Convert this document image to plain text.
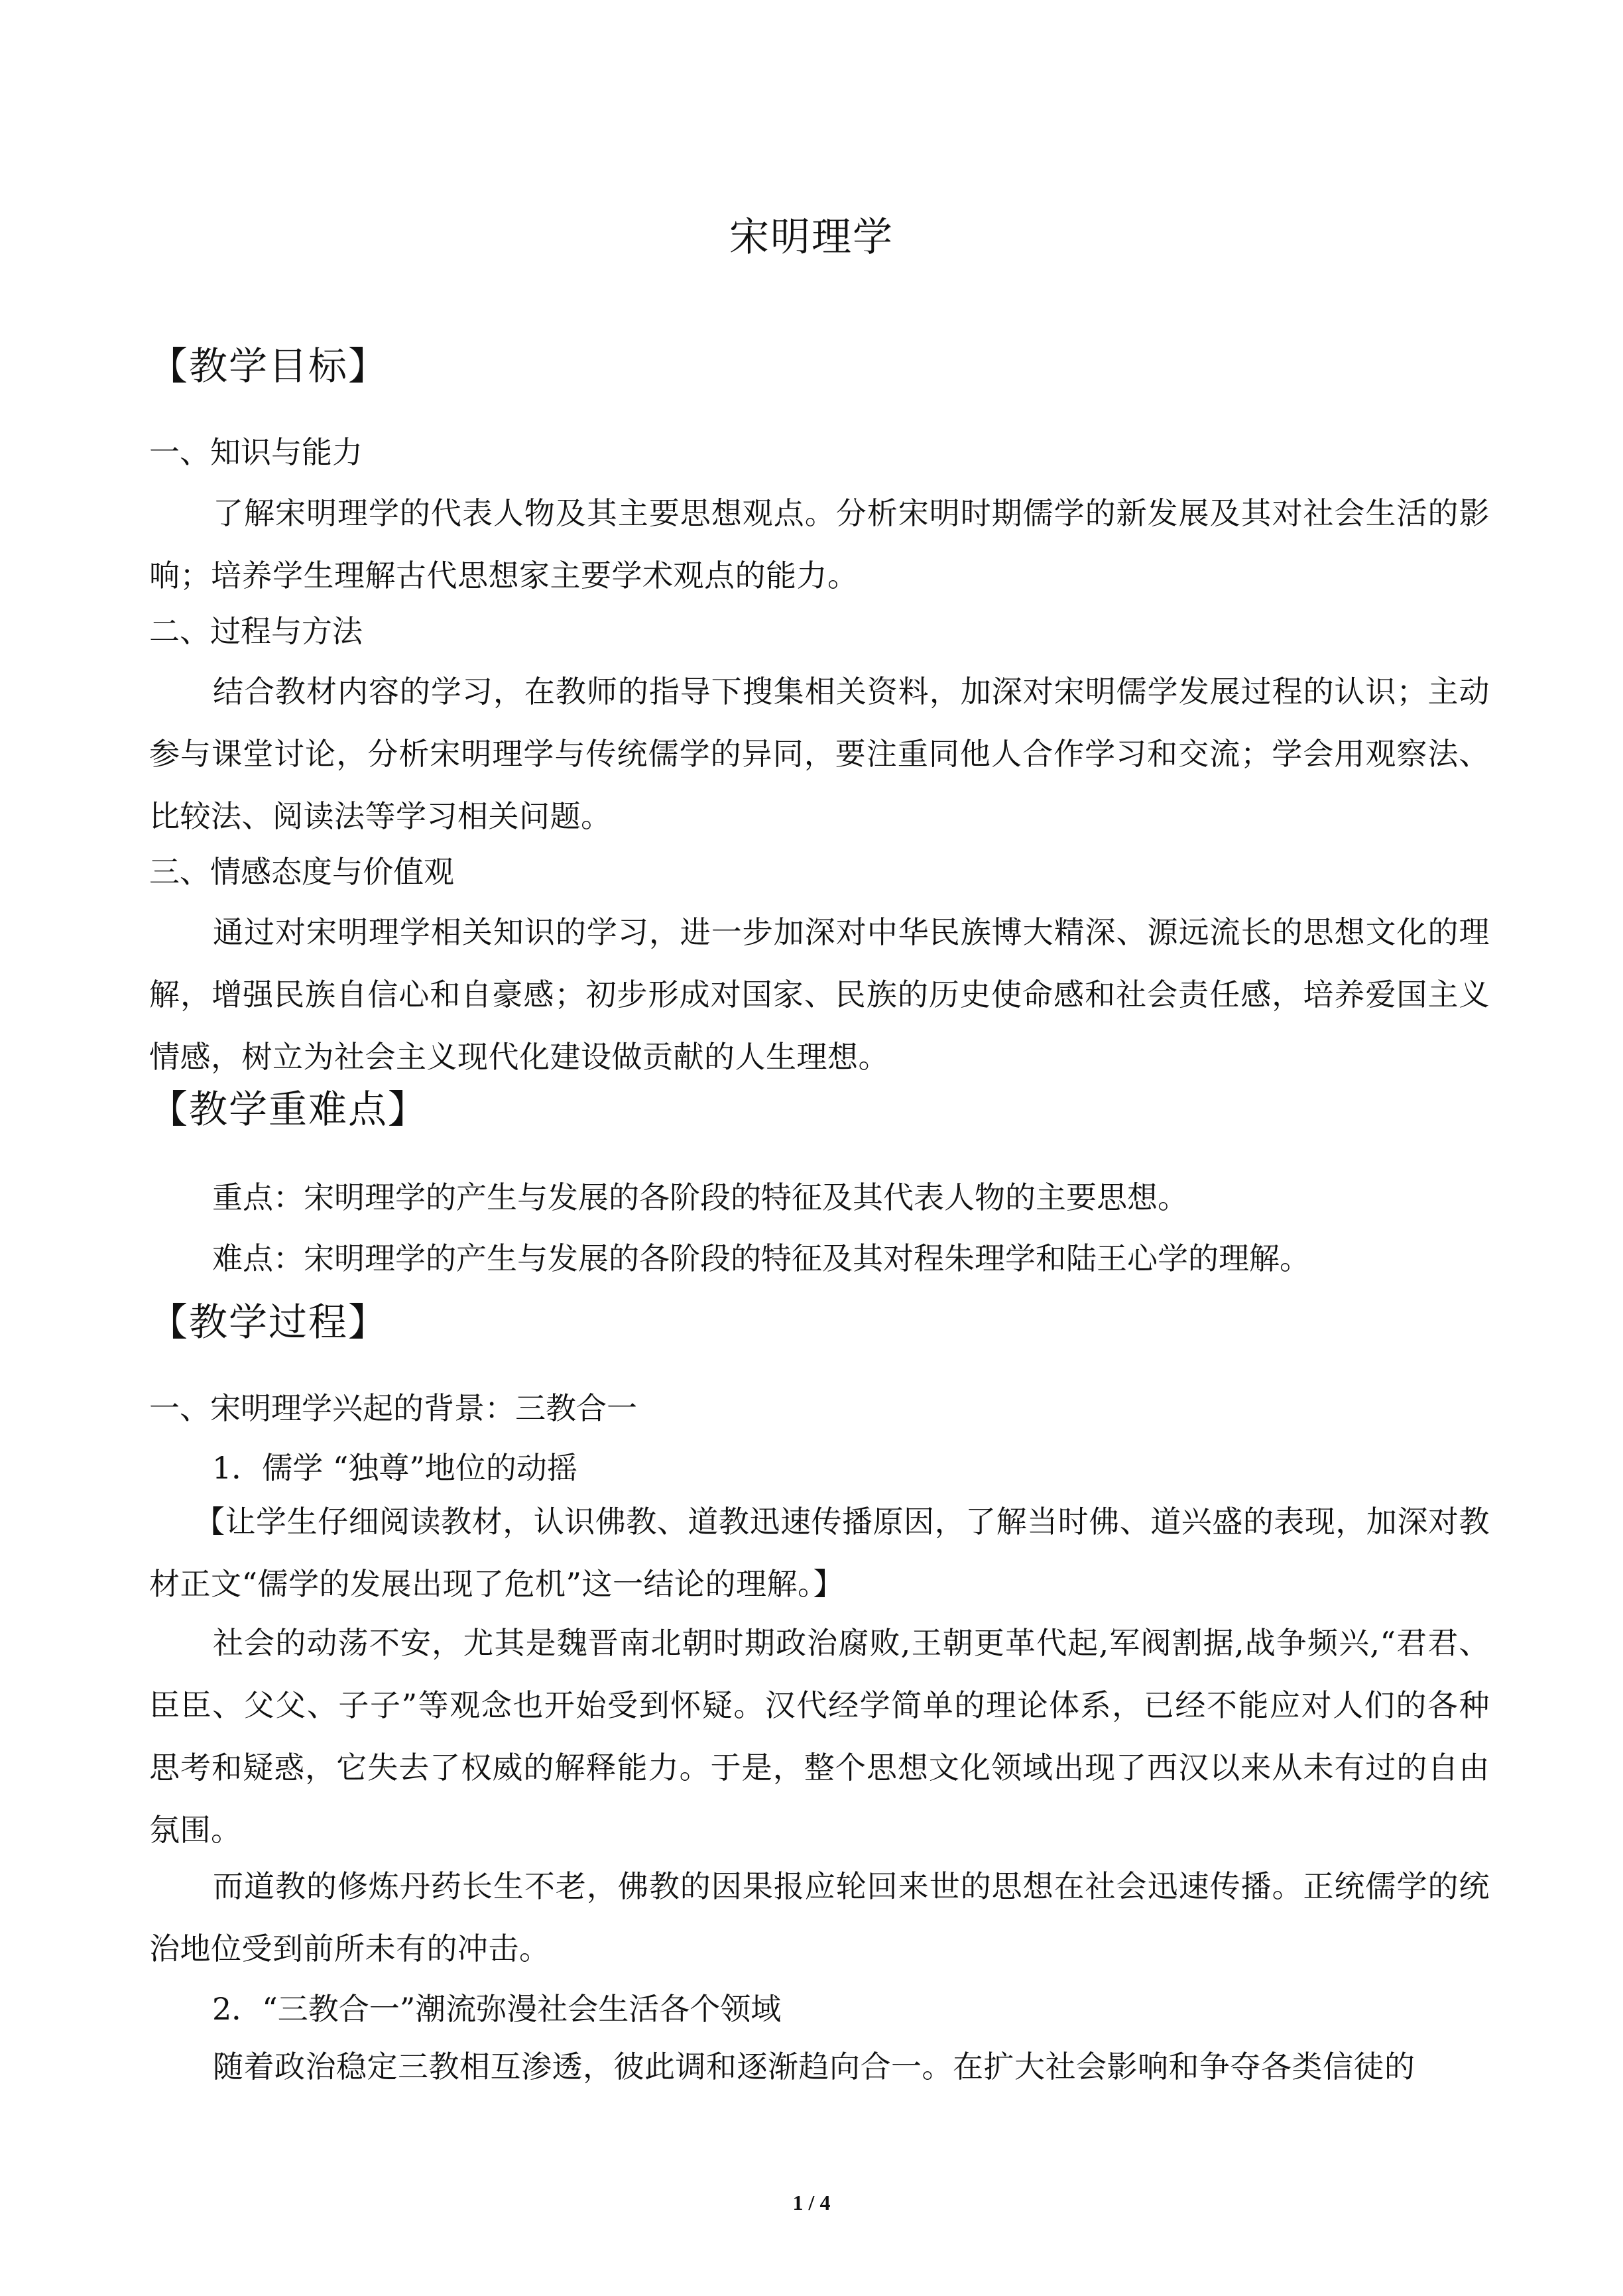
宋明理学
【教学目标】
一、知识与能力
了解宋明理学的代表人物及其主要思想观点。分析宋明时期儒学的新发展及其对社会生活的影响；培养学生理解古代思想家主要学术观点的能力。
二、过程与方法
结合教材内容的学习，在教师的指导下搜集相关资料，加深对宋明儒学发展过程的认识；主动参与课堂讨论，分析宋明理学与传统儒学的异同，要注重同他人合作学习和交流；学会用观察法、比较法、阅读法等学习相关问题。
三、情感态度与价值观
通过对宋明理学相关知识的学习，进一步加深对中华民族博大精深、源远流长的思想文化的理解，增强民族自信心和自豪感；初步形成对国家、民族的历史使命感和社会责任感，培养爱国主义情感，树立为社会主义现代化建设做贡献的人生理想。
【教学重难点】
重点：宋明理学的产生与发展的各阶段的特征及其代表人物的主要思想。
难点：宋明理学的产生与发展的各阶段的特征及其对程朱理学和陆王心学的理解。
【教学过程】
一、宋明理学兴起的背景：三教合一
1．儒学 “独尊”地位的动摇
【让学生仔细阅读教材，认识佛教、道教迅速传播原因，了解当时佛、道兴盛的表现，加深对教材正文“儒学的发展出现了危机”这一结论的理解。】
社会的动荡不安，尤其是魏晋南北朝时期政治腐败,王朝更革代起,军阀割据,战争频兴,“君君、臣臣、父父、子子”等观念也开始受到怀疑。汉代经学简单的理论体系，已经不能应对人们的各种思考和疑惑，它失去了权威的解释能力。于是，整个思想文化领域出现了西汉以来从未有过的自由氛围。
而道教的修炼丹药长生不老，佛教的因果报应轮回来世的思想在社会迅速传播。正统儒学的统治地位受到前所未有的冲击。
2．“三教合一”潮流弥漫社会生活各个领域
随着政治稳定三教相互渗透，彼此调和逐渐趋向合一。在扩大社会影响和争夺各类信徒的
1 / 4
